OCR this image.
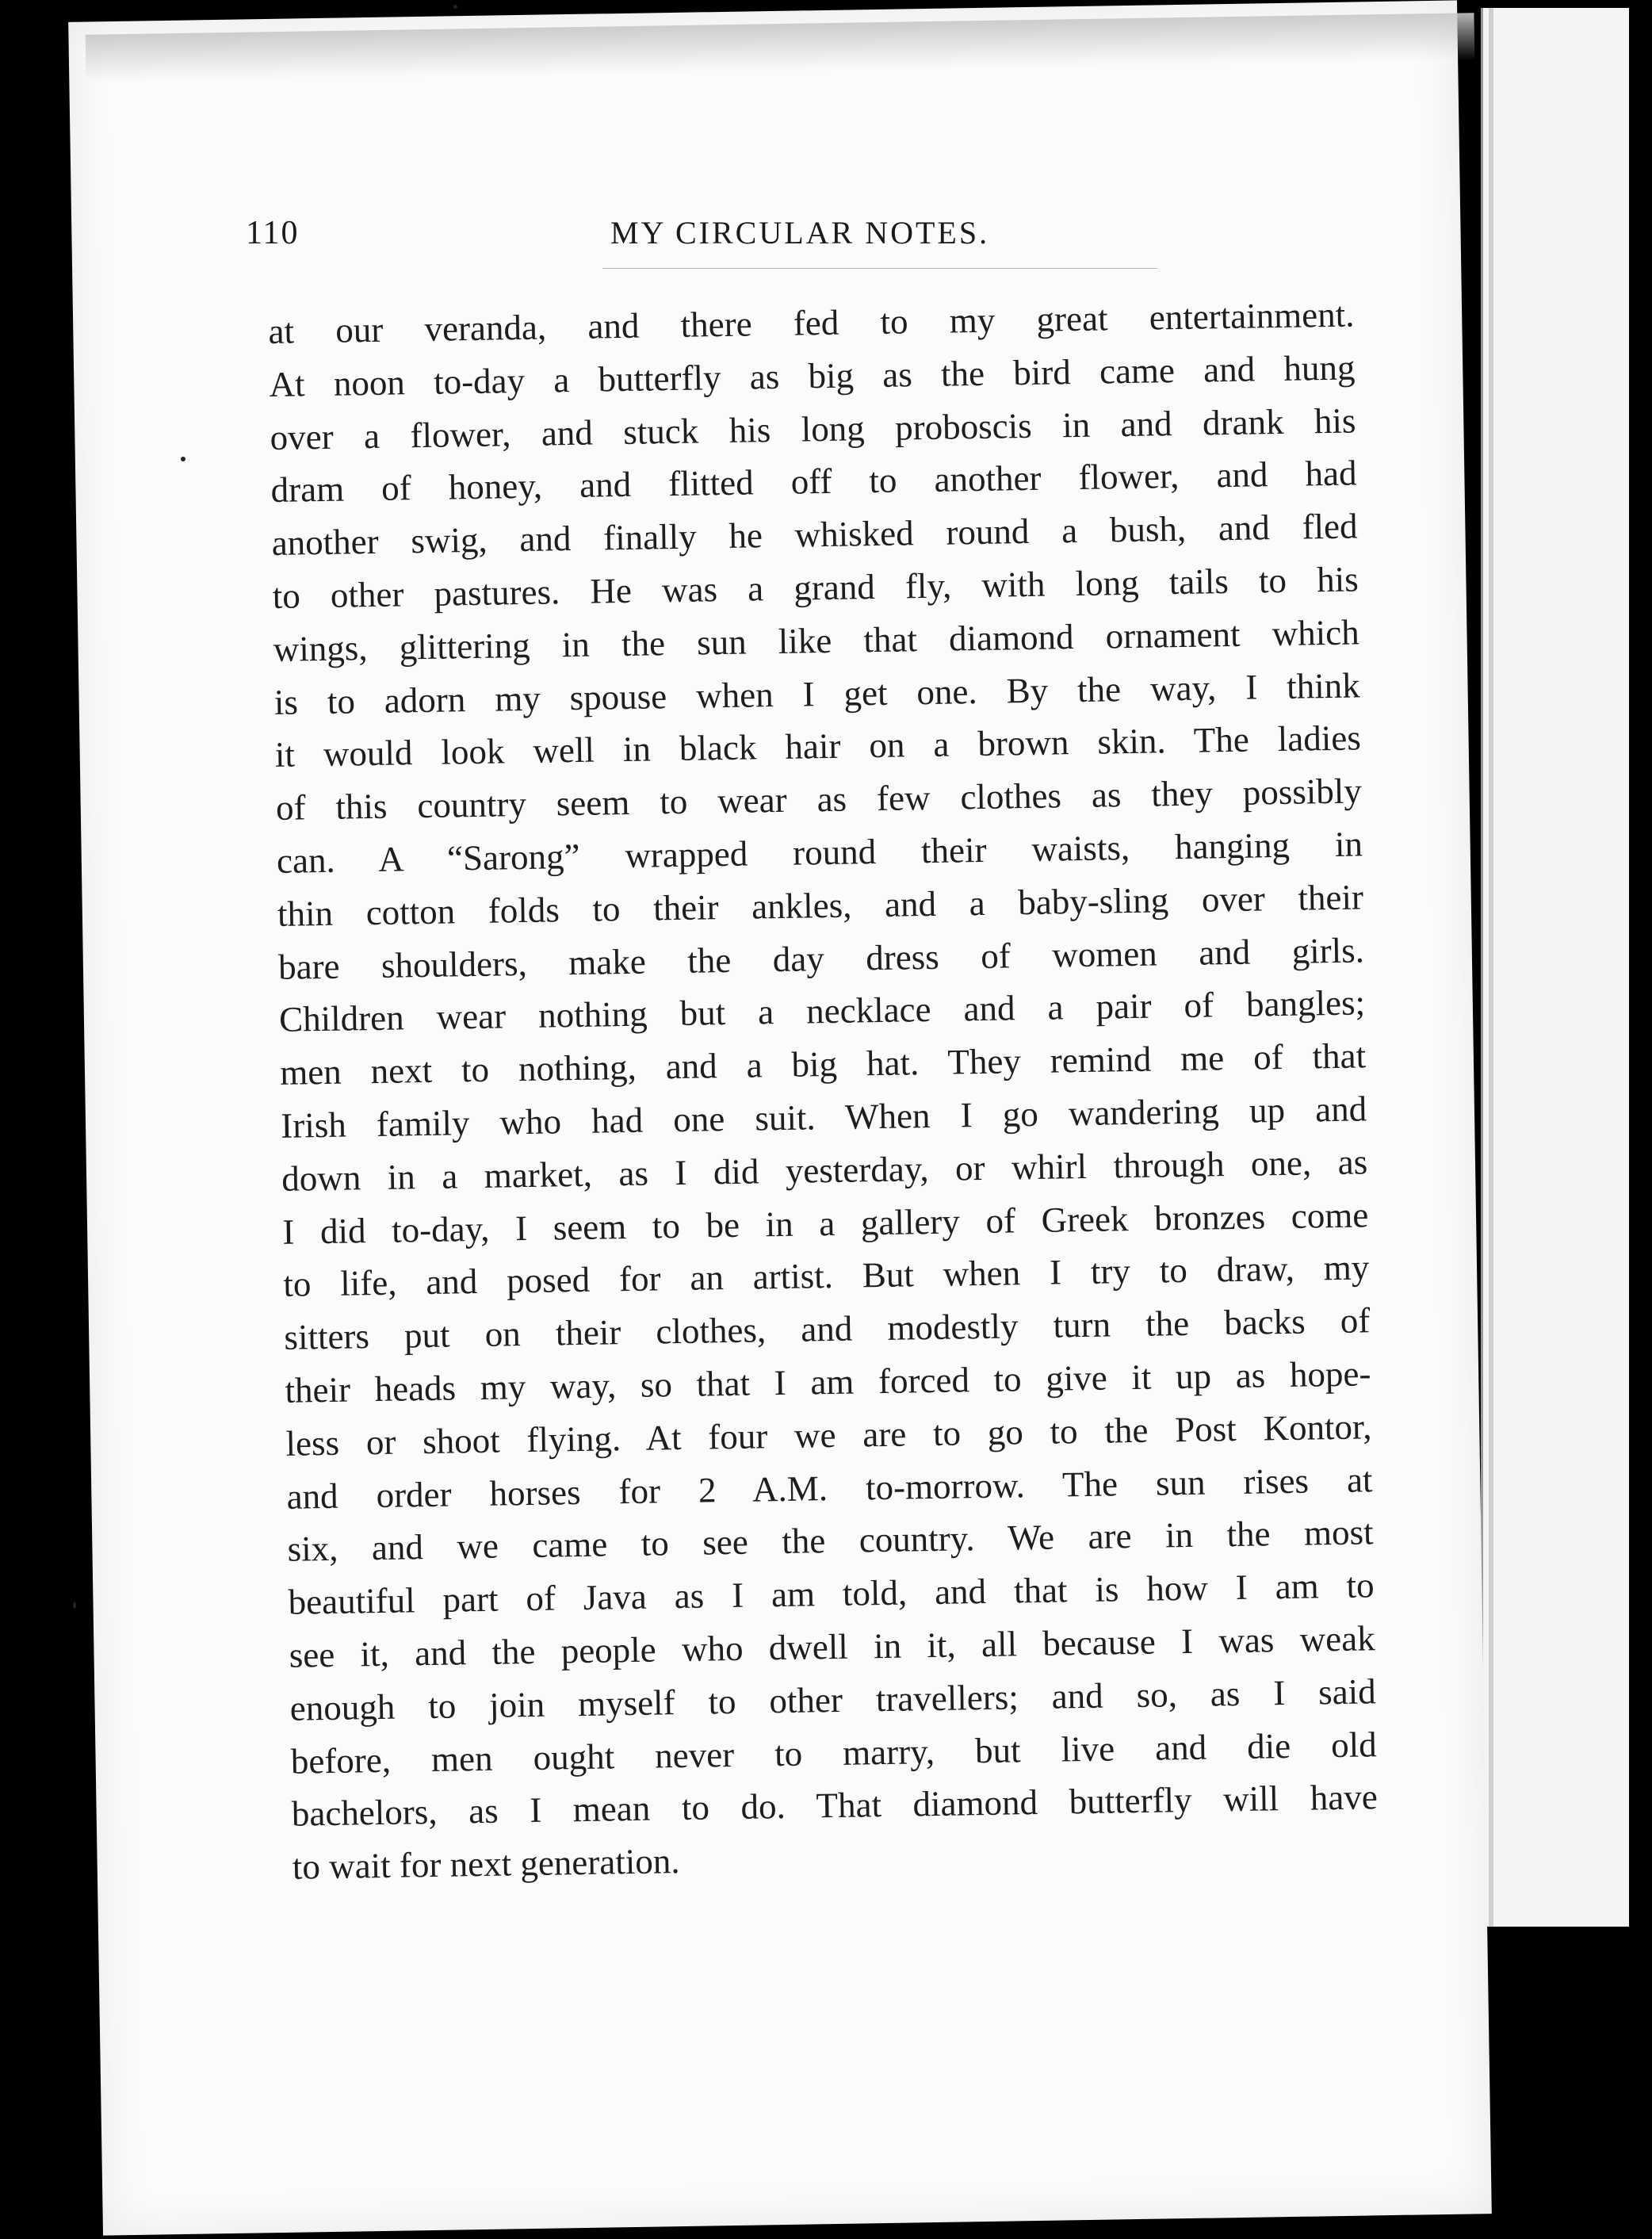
110	MY CIRCULAR NOTES.
at our veranda, and there fed to my great entertainment.
At noon to-day a butterfly as big as the bird came and hung
over a flower, and stuck his long proboscis in and drank his
dram of honey, and flitted off to another flower, and had
another swig, and finally he whisked round a bush, and fled
to other pastures. He was a grand fly, with long tails to his
wings, glittering in the sun like that diamond ornament which
is to adorn my spouse when I get one. By the way, I think
it would look well in black hair on a brown skin. The ladies
of this country seem to wear as few clothes as they possibly
can. A “Sarong” wrapped round their waists, hanging in
thin cotton folds to their ankles, and a baby-sling over their
bare shoulders, make the day dress of women and girls.
Children wear nothing but a necklace and a pair of bangles;
men next to nothing, and a big hat. They remind me of that
Irish family who had one suit. When I go wandering up and
down in a market, as I did yesterday, or whirl through one, as
I did to-day, I seem to be in a gallery of Greek bronzes come
to life, and posed for an artist. But when I try to draw, my
sitters put on their clothes, and modestly turn the backs of
their heads my way, so that I am forced to give it up as hope-
less or shoot flying. At four we are to go to the Post Kontor,
and order horses for 2 A.M. to-morrow. The sun rises at
six, and we came to see the country. We are in the most
beautiful part of Java as I am told, and that is how I am to
see it, and the people who dwell in it, all because I was weak
enough to join myself to other travellers; and so, as I said
before, men ought never to marry, but live and die old
bachelors, as I mean to do. That diamond butterfly will have
to wait for next generation.
